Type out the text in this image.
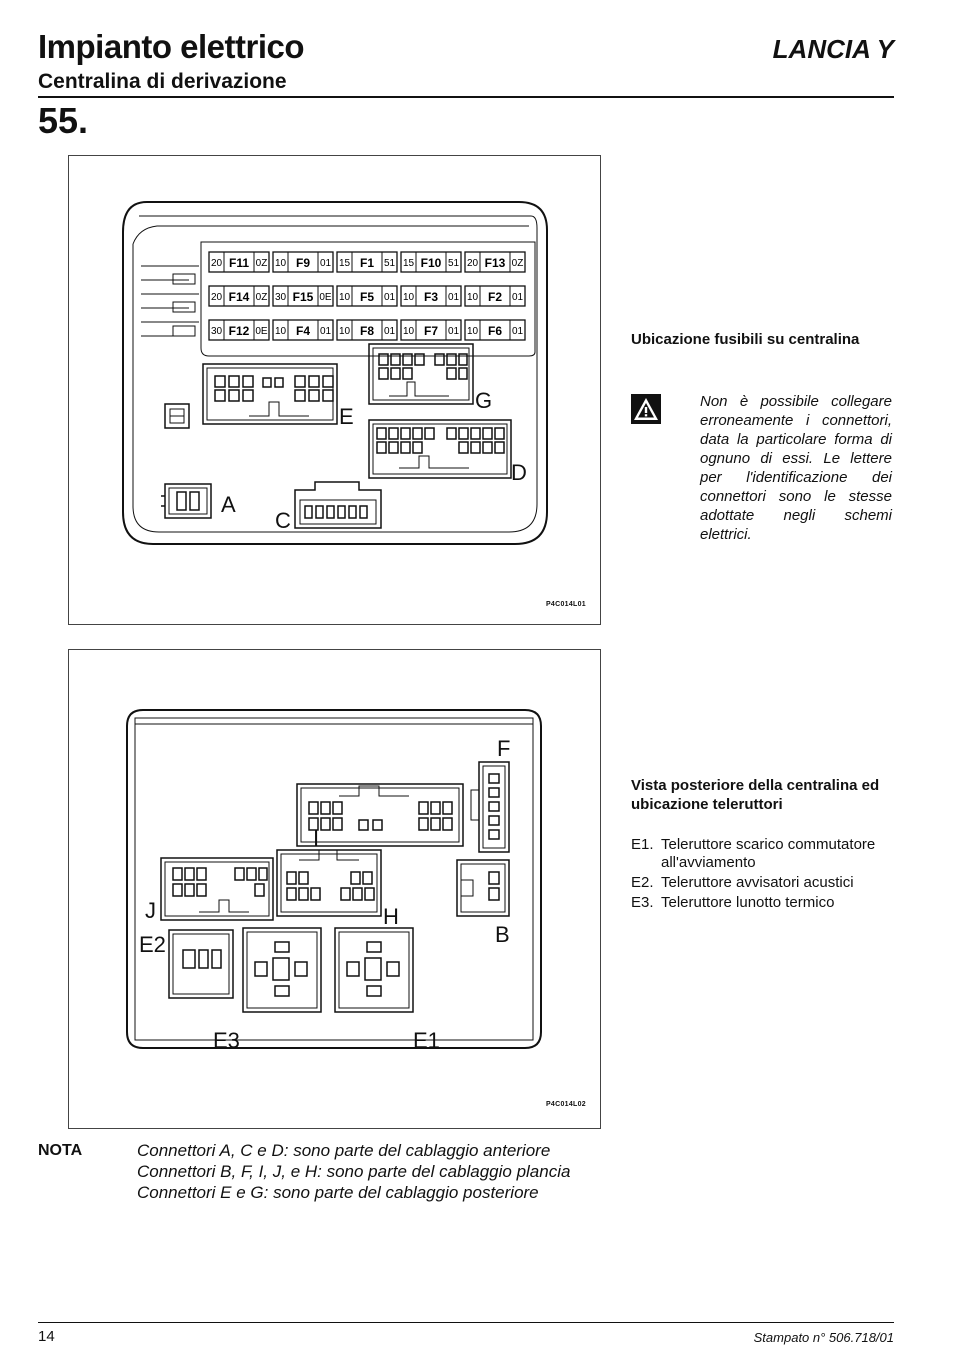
Impianto elettrico
Centralina di derivazione
LANCIA Y
55.
20 F11 0Z 10 F9 01 15 F1 51 15 F10 51 20 F13 0Z
20 F14 0Z 30 F15 0E 10 F5 01 10 F3 01 10 F2 01
30 F12 0E 10 F4 01 10 F8 01 10 F7 01 10 F6 01
E
G
D
A
C
P4C014L01
F
I
J	H
B
E2
E3	E1
P4C014L02
Ubicazione fusibili su centralina
Non è possibile collegare erroneamente i connettori, data la particolare forma di ognuno di essi. Le lettere per l'identificazione dei connettori sono le stesse adottate negli schemi elettrici.
Vista posteriore della centralina ed ubicazione teleruttori
E1. Teleruttore scarico commutatore all'avviamento
E2. Teleruttore avvisatori acustici
E3. Teleruttore lunotto termico
NOTA	Connettori A, C e D: sono parte del cablaggio anteriore
Connettori B, F, I, J, e H: sono parte del cablaggio plancia
Connettori E e G: sono parte del cablaggio posteriore
14	Stampato n° 506.718/01
